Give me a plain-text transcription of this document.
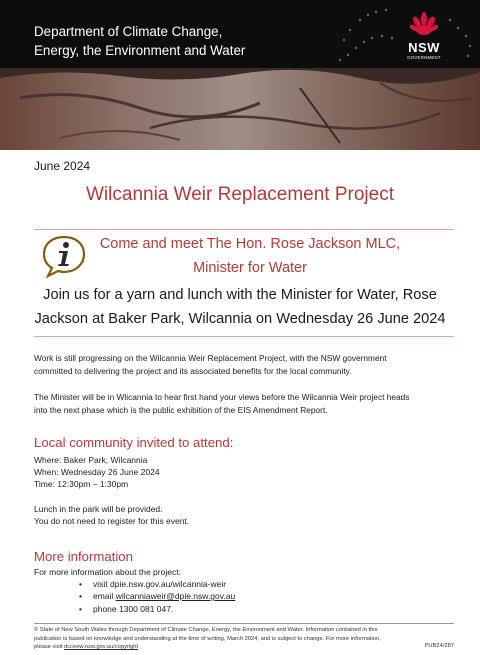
Department of Climate Change,
Energy, the Environment and Water	NSW
GOVERNMENT
June 2024
Wilcannia Weir Replacement Project
Come and meet The Hon. Rose Jackson MLC,
Minister for Water
Join us for a yarn and lunch with the Minister for Water, Rose
Jackson at Baker Park, Wilcannia on Wednesday 26 June 2024
Work is still progressing on the Wilcannia Weir Replacement Project, with the NSW government
committed to delivering the project and its associated benefits for the local community.
The Minister will be in Wlicannia to hear first hand your views before the Wilcannia Weir project heads
into the next phase which is the public exhibition of the EIS Amendment Report.
Local community invited to attend:
Where: Baker Park, Wilcannia
When: Wednesday 26 June 2024
Time: 12:30pm – 1:30pm
Lunch in the park will be provided.
You do not need to register for this event.
More information
For more information about the project:
• visit dpie.nsw.gov.au/wilcannia-weir
• email wilcanniaweir@dpie.nsw.gov.au
• phone 1300 081 047.
© State of New South Wales through Department of Climate Change, Energy, the Environment and Water. Information contained in this
publication is based on knowledge and understanding at the time of writing, March 2024, and is subject to change. For more information,
please visit dcceew.nsw.gov.au/copyright	PUB24/287
